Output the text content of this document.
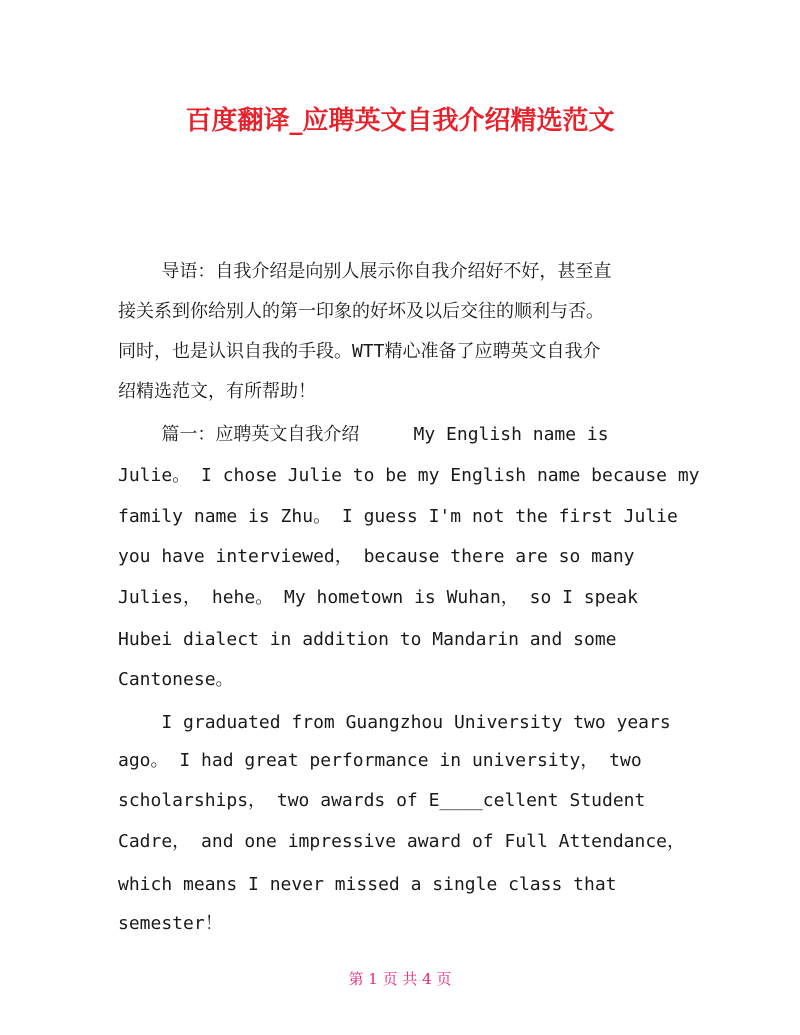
百度翻译_应聘英文自我介绍精选范文
导语：自我介绍是向别人展示你自我介绍好不好，甚至直
接关系到你给别人的第一印象的好坏及以后交往的顺利与否。
同时，也是认识自我的手段。WTT精心准备了应聘英文自我介
绍精选范文，有所帮助！
篇一：应聘英文自我介绍     My English name is
Julie。 I chose Julie to be my English name because my
family name is Zhu。 I guess I'm not the first Julie
you have interviewed， because there are so many
Julies， hehe。 My hometown is Wuhan， so I speak
Hubei dialect in addition to Mandarin and some
Cantonese。
I graduated from Guangzhou University two years
ago。 I had great performance in university， two
scholarships， two awards of E____cellent Student
Cadre， and one impressive award of Full Attendance，
which means I never missed a single class that
semester！
第 1 页 共 4 页
